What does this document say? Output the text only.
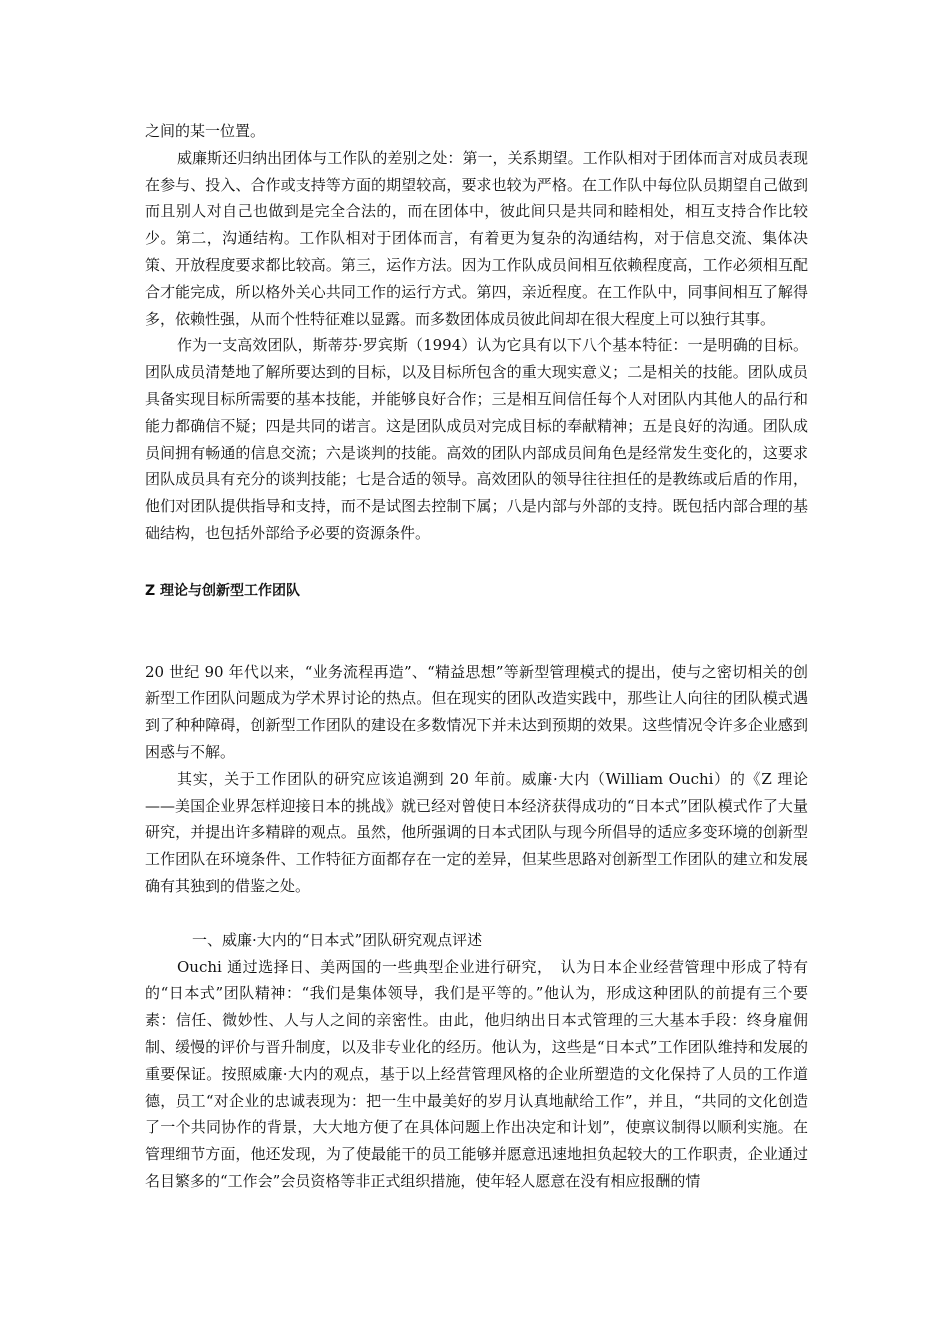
之间的某一位置。

威廉斯还归纳出团体与工作队的差别之处：第一，关系期望。工作队相对于团体而言对成员表现在参与、投入、合作或支持等方面的期望较高，要求也较为严格。在工作队中每位队员期望自己做到而且别人对自己也做到是完全合法的，而在团体中，彼此间只是共同和睦相处，相互支持合作比较少。第二，沟通结构。工作队相对于团体而言，有着更为复杂的沟通结构，对于信息交流、集体决策、开放程度要求都比较高。第三，运作方法。因为工作队成员间相互依赖程度高，工作必须相互配合才能完成，所以格外关心共同工作的运行方式。第四，亲近程度。在工作队中，同事间相互了解得多，依赖性强，从而个性特征难以显露。而多数团体成员彼此间却在很大程度上可以独行其事。

作为一支高效团队，斯蒂芬·罗宾斯（1994）认为它具有以下八个基本特征：一是明确的目标。团队成员清楚地了解所要达到的目标，以及目标所包含的重大现实意义；二是相关的技能。团队成员具备实现目标所需要的基本技能，并能够良好合作；三是相互间信任每个人对团队内其他人的品行和能力都确信不疑；四是共同的诺言。这是团队成员对完成目标的奉献精神；五是良好的沟通。团队成员间拥有畅通的信息交流；六是谈判的技能。高效的团队内部成员间角色是经常发生变化的，这要求团队成员具有充分的谈判技能；七是合适的领导。高效团队的领导往往担任的是教练或后盾的作用，他们对团队提供指导和支持，而不是试图去控制下属；八是内部与外部的支持。既包括内部合理的基础结构，也包括外部给予必要的资源条件。

Z 理论与创新型工作团队

20 世纪 90 年代以来，“业务流程再造”、“精益思想”等新型管理模式的提出，使与之密切相关的创新型工作团队问题成为学术界讨论的热点。但在现实的团队改造实践中，那些让人向往的团队模式遇到了种种障碍，创新型工作团队的建设在多数情况下并未达到预期的效果。这些情况令许多企业感到困惑与不解。

其实，关于工作团队的研究应该追溯到 20 年前。威廉·大内（William Ouchi）的《Z 理论——美国企业界怎样迎接日本的挑战》就已经对曾使日本经济获得成功的“日本式”团队模式作了大量研究，并提出许多精辟的观点。虽然，他所强调的日本式团队与现今所倡导的适应多变环境的创新型工作团队在环境条件、工作特征方面都存在一定的差异，但某些思路对创新型工作团队的建立和发展确有其独到的借鉴之处。

一、威廉·大内的“日本式”团队研究观点评述

Ouchi 通过选择日、美两国的一些典型企业进行研究，　认为日本企业经营管理中形成了特有的“日本式”团队精神：“我们是集体领导，我们是平等的。”他认为，形成这种团队的前提有三个要素：信任、微妙性、人与人之间的亲密性。由此，他归纳出日本式管理的三大基本手段：终身雇佣制、缓慢的评价与晋升制度，以及非专业化的经历。他认为，这些是“日本式”工作团队维持和发展的重要保证。按照威廉·大内的观点，基于以上经营管理风格的企业所塑造的文化保持了人员的工作道德，员工“对企业的忠诚表现为：把一生中最美好的岁月认真地献给工作”，并且，“共同的文化创造了一个共同协作的背景，大大地方便了在具体问题上作出决定和计划”，使禀议制得以顺利实施。在管理细节方面，他还发现，为了使最能干的员工能够并愿意迅速地担负起较大的工作职责，企业通过名目繁多的“工作会”会员资格等非正式组织措施，使年轻人愿意在没有相应报酬的情
